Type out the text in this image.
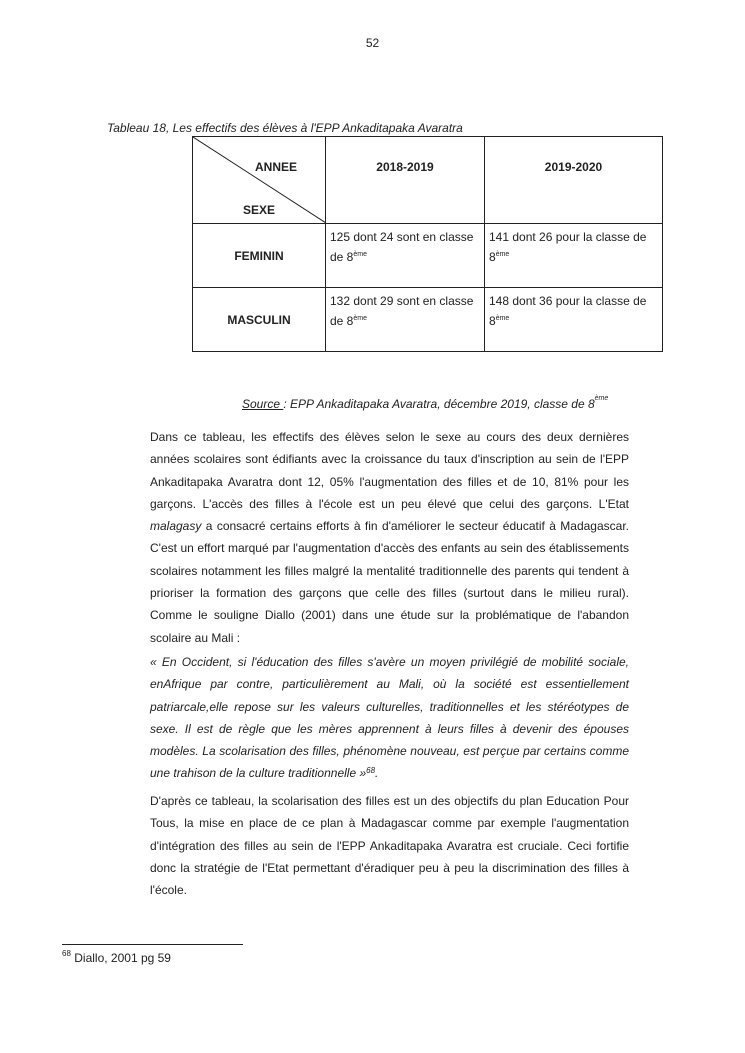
52
Tableau 18, Les effectifs des élèves à l'EPP Ankaditapaka Avaratra
ANNEE
SEXE	2018-2019	2019-2020
FEMININ	125 dont 24 sont en classe de 8ème	141 dont 26 pour la classe de 8ème
MASCULIN	132 dont 29 sont en classe de 8ème	148 dont 36 pour la classe de 8ème
Source : EPP Ankaditapaka Avaratra, décembre 2019, classe de 8ème

Dans ce tableau, les effectifs des élèves selon le sexe au cours des deux dernières années scolaires sont édifiants avec la croissance du taux d'inscription au sein de l'EPP Ankaditapaka Avaratra dont 12, 05% l'augmentation des filles et de 10, 81% pour les garçons. L'accès des filles à l'école est un peu élevé que celui des garçons. L'Etat malagasy a consacré certains efforts à fin d'améliorer le secteur éducatif à Madagascar. C'est un effort marqué par l'augmentation d'accès des enfants au sein des établissements scolaires notamment les filles malgré la mentalité traditionnelle des parents qui tendent à prioriser la formation des garçons que celle des filles (surtout dans le milieu rural). Comme le souligne Diallo (2001) dans une étude sur la problématique de l'abandon scolaire au Mali :

« En Occident, si l'éducation des filles s'avère un moyen privilégié de mobilité sociale, enAfrique par contre, particulièrement au Mali, où la société est essentiellement patriarcale,elle repose sur les valeurs culturelles, traditionnelles et les stéréotypes de sexe. Il est de règle que les mères apprennent à leurs filles à devenir des épouses modèles. La scolarisation des filles, phénomène nouveau, est perçue par certains comme une trahison de la culture traditionnelle »$^{68}$.

D'après ce tableau, la scolarisation des filles est un des objectifs du plan Education Pour Tous, la mise en place de ce plan à Madagascar comme par exemple l'augmentation d'intégration des filles au sein de l'EPP Ankaditapaka Avaratra est cruciale. Ceci fortifie donc la stratégie de l'Etat permettant d'éradiquer peu à peu la discrimination des filles à l'école.

$^{68}$ Diallo, 2001 pg 59
